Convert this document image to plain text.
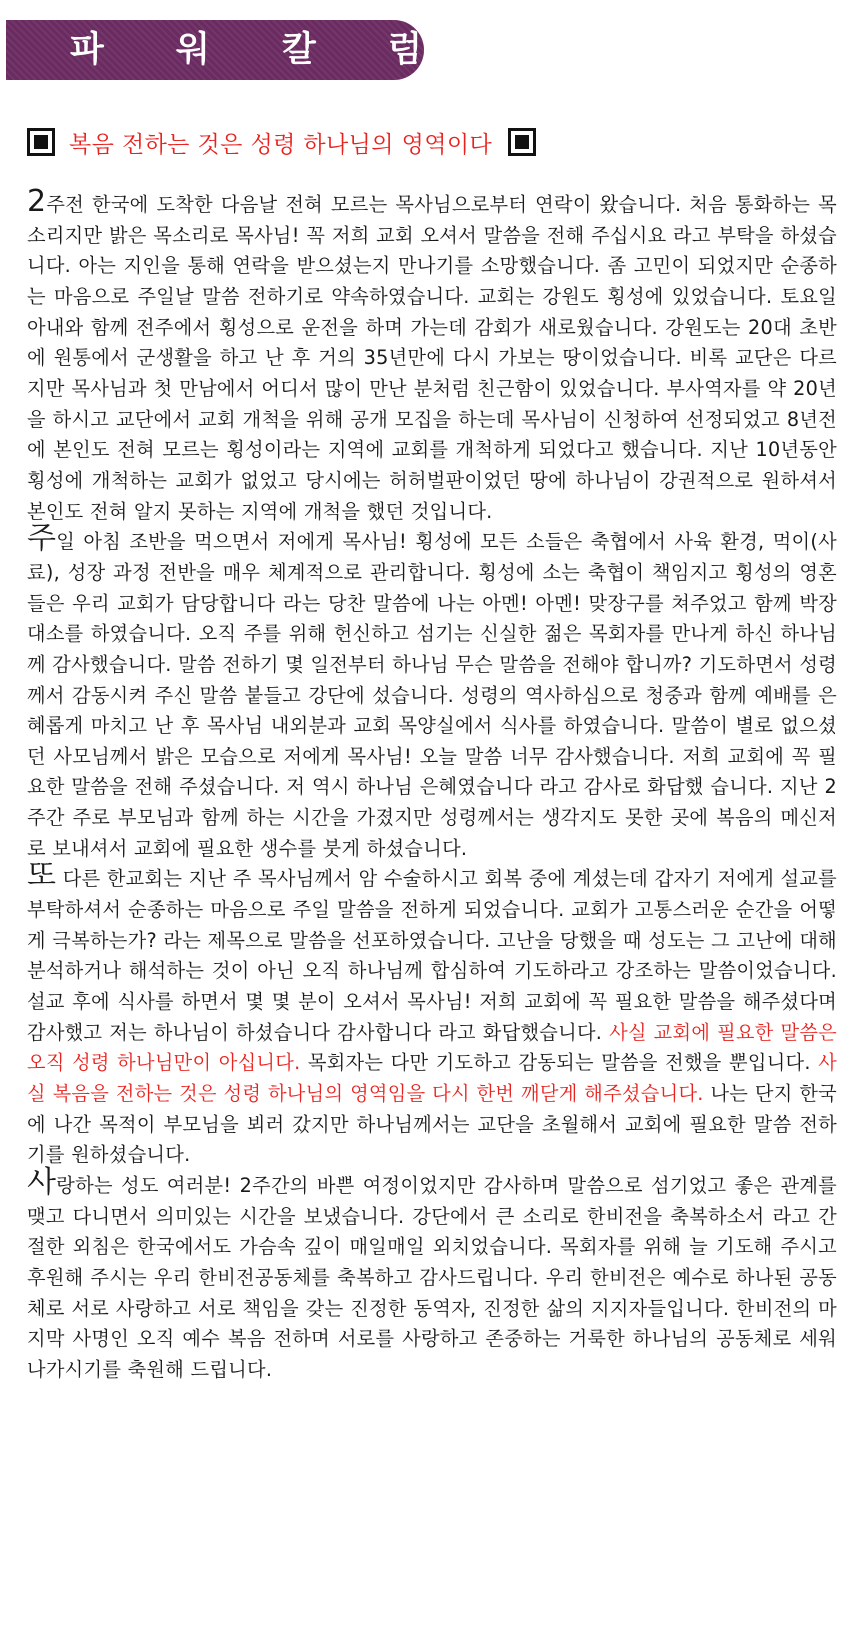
파 워 칼 럼
복음 전하는 것은 성령 하나님의 영역이다

2주전 한국에 도착한 다음날 전혀 모르는 목사님으로부터 연락이 왔습니다. 처음 통화하는 목소리지만 밝은 목소리로 목사님! 꼭 저희 교회 오셔서 말씀을 전해 주십시요 라고 부탁을 하셨습니다. 아는 지인을 통해 연락을 받으셨는지 만나기를 소망했습니다. 좀 고민이 되었지만 순종하는 마음으로 주일날 말씀 전하기로 약속하였습니다. 교회는 강원도 횡성에 있었습니다. 토요일 아내와 함께 전주에서 횡성으로 운전을 하며 가는데 감회가 새로웠습니다. 강원도는 20대 초반에 원통에서 군생활을 하고 난 후 거의 35년만에 다시 가보는 땅이었습니다. 비록 교단은 다르지만 목사님과 첫 만남에서 어디서 많이 만난 분처럼 친근함이 있었습니다. 부사역자를 약 20년을 하시고 교단에서 교회 개척을 위해 공개 모집을 하는데 목사님이 신청하여 선정되었고 8년전에 본인도 전혀 모르는 횡성이라는 지역에 교회를 개척하게 되었다고 했습니다. 지난 10년동안 횡성에 개척하는 교회가 없었고 당시에는 허허벌판이었던 땅에 하나님이 강권적으로 원하셔서 본인도 전혀 알지 못하는 지역에 개척을 했던 것입니다.

주일 아침 조반을 먹으면서 저에게 목사님! 횡성에 모든 소들은 축협에서 사육 환경, 먹이(사료), 성장 과정 전반을 매우 체계적으로 관리합니다. 횡성에 소는 축협이 책임지고 횡성의 영혼들은 우리 교회가 담당합니다 라는 당찬 말씀에 나는 아멘! 아멘! 맞장구를 쳐주었고 함께 박장대소를 하였습니다. 오직 주를 위해 헌신하고 섬기는 신실한 젊은 목회자를 만나게 하신 하나님께 감사했습니다. 말씀 전하기 몇 일전부터 하나님 무슨 말씀을 전해야 합니까? 기도하면서 성령께서 감동시켜 주신 말씀 붙들고 강단에 섰습니다. 성령의 역사하심으로 청중과 함께 예배를 은혜롭게 마치고 난 후 목사님 내외분과 교회 목양실에서 식사를 하였습니다. 말씀이 별로 없으셨던 사모님께서 밝은 모습으로 저에게 목사님! 오늘 말씀 너무 감사했습니다. 저희 교회에 꼭 필요한 말씀을 전해 주셨습니다. 저 역시 하나님 은혜였습니다 라고 감사로 화답했 습니다. 지난 2주간 주로 부모님과 함께 하는 시간을 가졌지만 성령께서는 생각지도 못한 곳에 복음의 메신저로 보내셔서 교회에 필요한 생수를 붓게 하셨습니다.

또 다른 한교회는 지난 주 목사님께서 암 수술하시고 회복 중에 계셨는데 갑자기 저에게 설교를 부탁하셔서 순종하는 마음으로 주일 말씀을 전하게 되었습니다. 교회가 고통스러운 순간을 어떻게 극복하는가? 라는 제목으로 말씀을 선포하였습니다. 고난을 당했을 때 성도는 그 고난에 대해 분석하거나 해석하는 것이 아닌 오직 하나님께 합심하여 기도하라고 강조하는 말씀이었습니다. 설교 후에 식사를 하면서 몇 몇 분이 오셔서 목사님! 저희 교회에 꼭 필요한 말씀을 해주셨다며 감사했고 저는 하나님이 하셨습니다 감사합니다 라고 화답했습니다. 사실 교회에 필요한 말씀은 오직 성령 하나님만이 아십니다. 목회자는 다만 기도하고 감동되는 말씀을 전했을 뿐입니다. 사실 복음을 전하는 것은 성령 하나님의 영역임을 다시 한번 깨닫게 해주셨습니다. 나는 단지 한국에 나간 목적이 부모님을 뵈러 갔지만 하나님께서는 교단을 초월해서 교회에 필요한 말씀 전하기를 원하셨습니다.

사랑하는 성도 여러분! 2주간의 바쁜 여정이었지만 감사하며 말씀으로 섬기었고 좋은 관계를 맺고 다니면서 의미있는 시간을 보냈습니다. 강단에서 큰 소리로 한비전을 축복하소서 라고 간절한 외침은 한국에서도 가슴속 깊이 매일매일 외치었습니다. 목회자를 위해 늘 기도해 주시고 후원해 주시는 우리 한비전공동체를 축복하고 감사드립니다. 우리 한비전은 예수로 하나된 공동체로 서로 사랑하고 서로 책임을 갖는 진정한 동역자, 진정한 삶의 지지자들입니다. 한비전의 마지막 사명인 오직 예수 복음 전하며 서로를 사랑하고 존중하는 거룩한 하나님의 공동체로 세워 나가시기를 축원해 드립니다.
